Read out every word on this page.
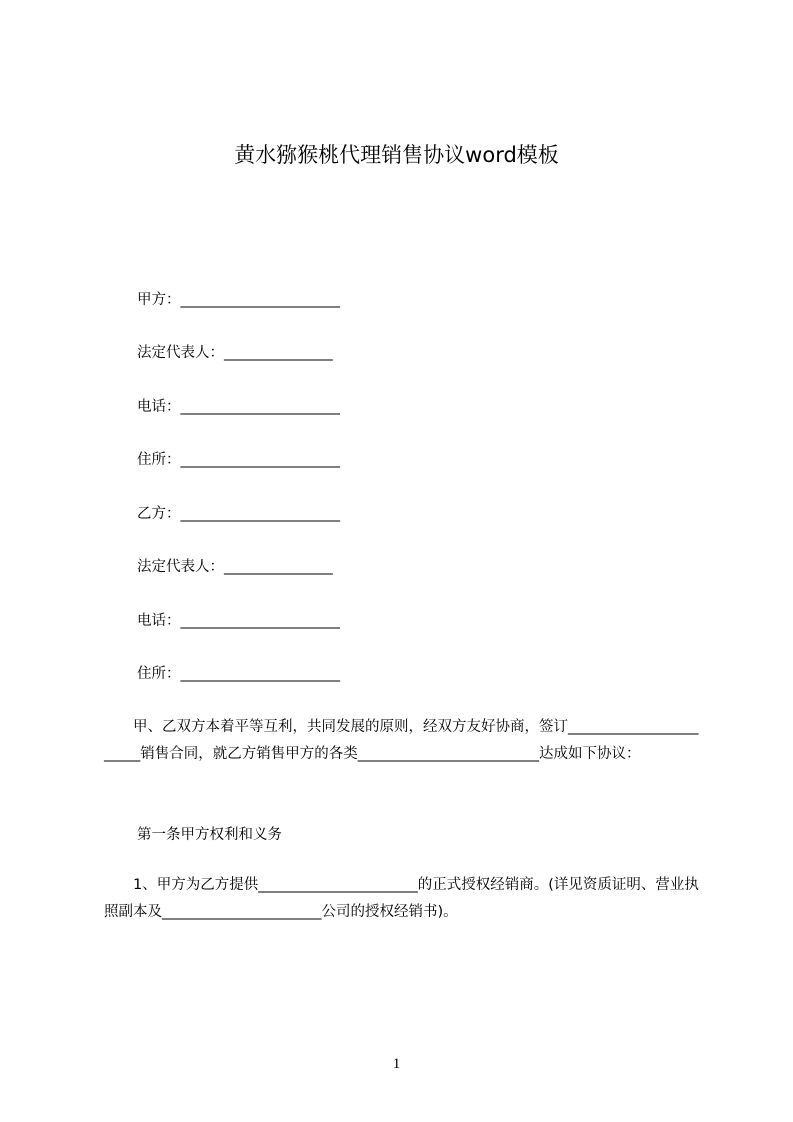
黄水猕猴桃代理销售协议word模板
甲方：______________________
法定代表人：_______________
电话：______________________
住所：______________________
乙方：______________________
法定代表人：_______________
电话：______________________
住所：______________________
　　甲、乙双方本着平等互利，共同发展的原则，经双方友好协商，签订_______________________销售合同，就乙方销售甲方的各类_________________________达成如下协议：
第一条甲方权利和义务
　　1、甲方为乙方提供______________________的正式授权经销商。(详见资质证明、营业执照副本及______________________公司的授权经销书)。
1
